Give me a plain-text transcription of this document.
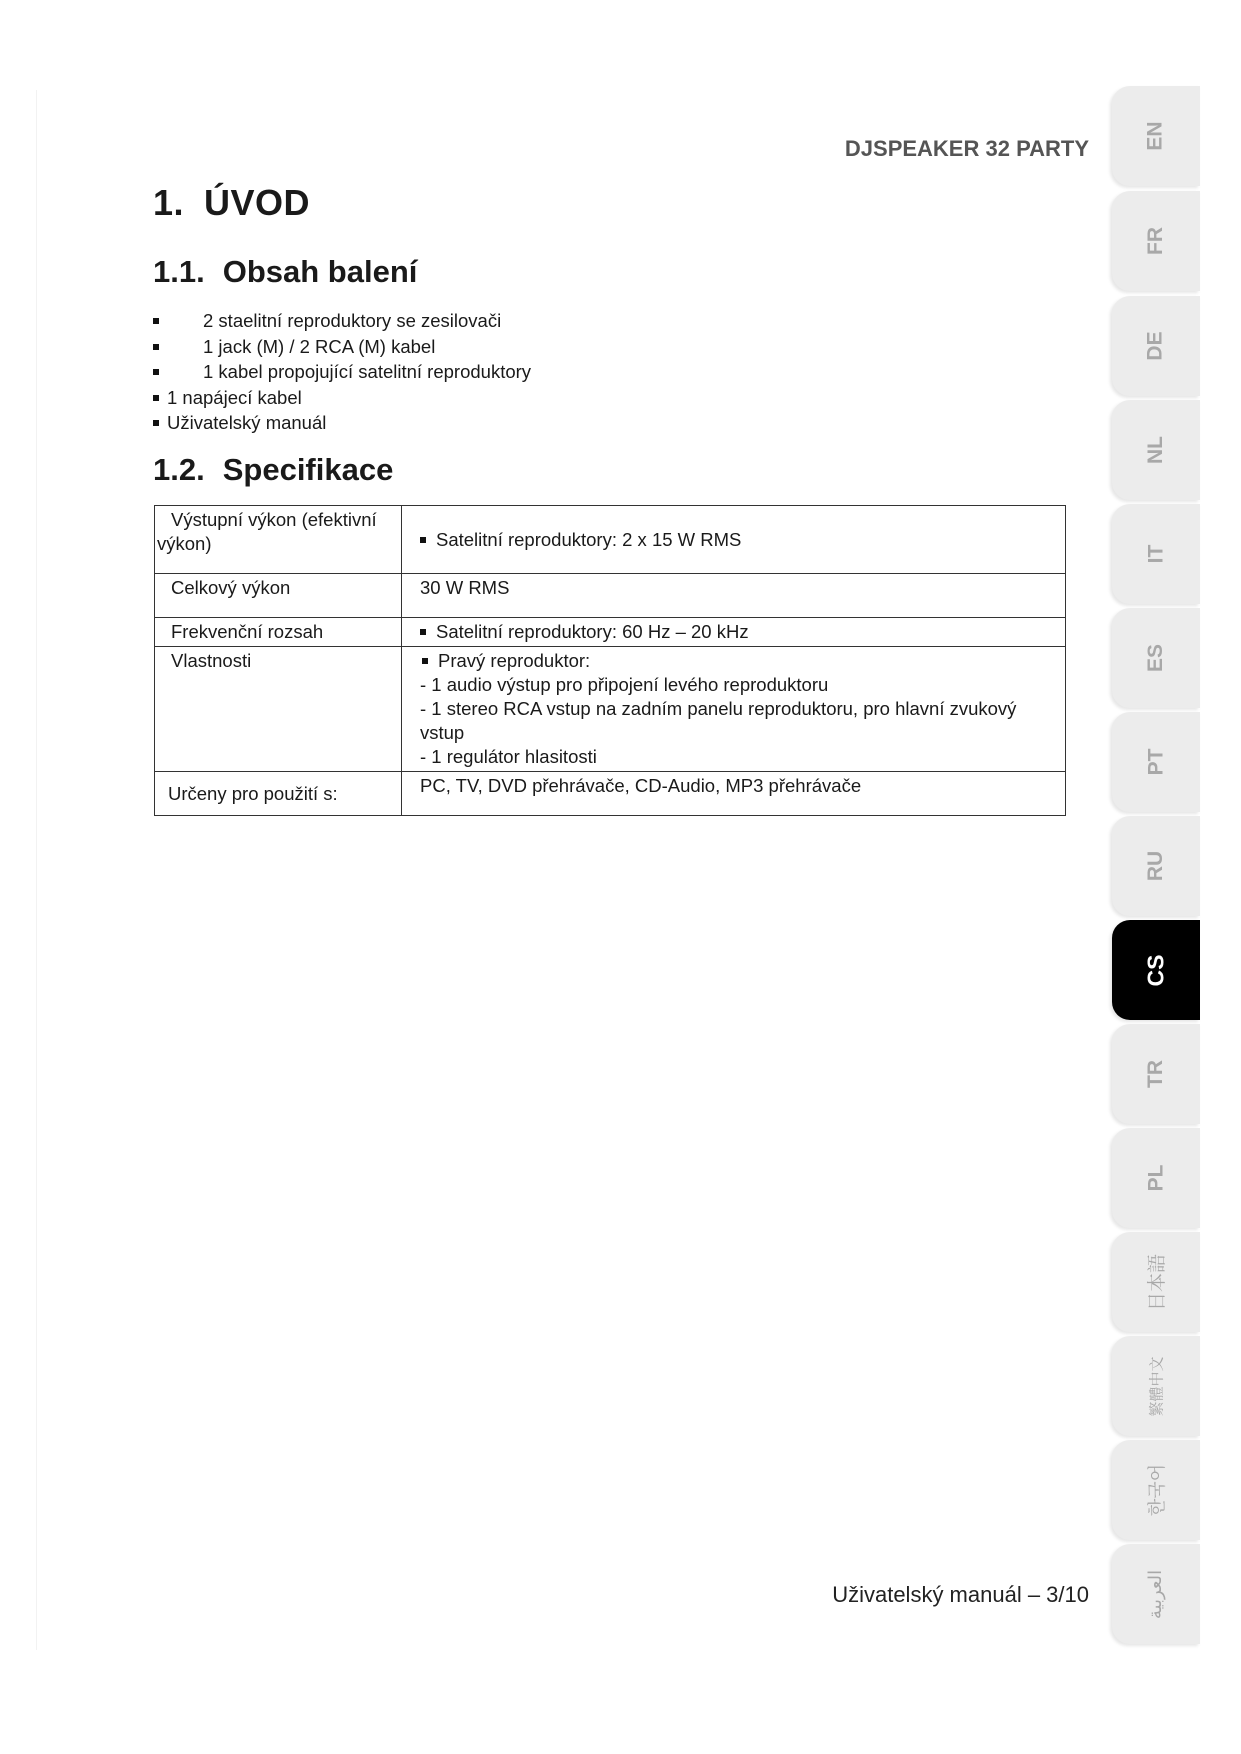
DJSPEAKER 32 PARTY
1. ÚVOD
1.1. Obsah balení
2 staelitní reproduktory se zesilovači
1 jack (M) / 2 RCA (M) kabel
1 kabel propojující satelitní reproduktory
1 napájecí kabel
Uživatelský manuál
1.2. Specifikace
Výstupní výkon (efektivní
výkon)	Satelitní reproduktory: 2 x 15 W RMS
Celkový výkon	30 W RMS
Frekvenční rozsah	Satelitní reproduktory: 60 Hz – 20 kHz
Vlastnosti	Pravý reproduktor:
- 1 audio výstup pro připojení levého reproduktoru
- 1 stereo RCA vstup na zadním panelu reproduktoru, pro hlavní zvukový vstup
- 1 regulátor hlasitosti

Určeny pro použití s:	PC, TV, DVD přehrávače, CD-Audio, MP3 přehrávače
Uživatelský manuál – 3/10
EN
FR
DE
NL
IT
ES
PT
RU
CS
TR
PL
日本語
繁體中文
한국어
العربية
